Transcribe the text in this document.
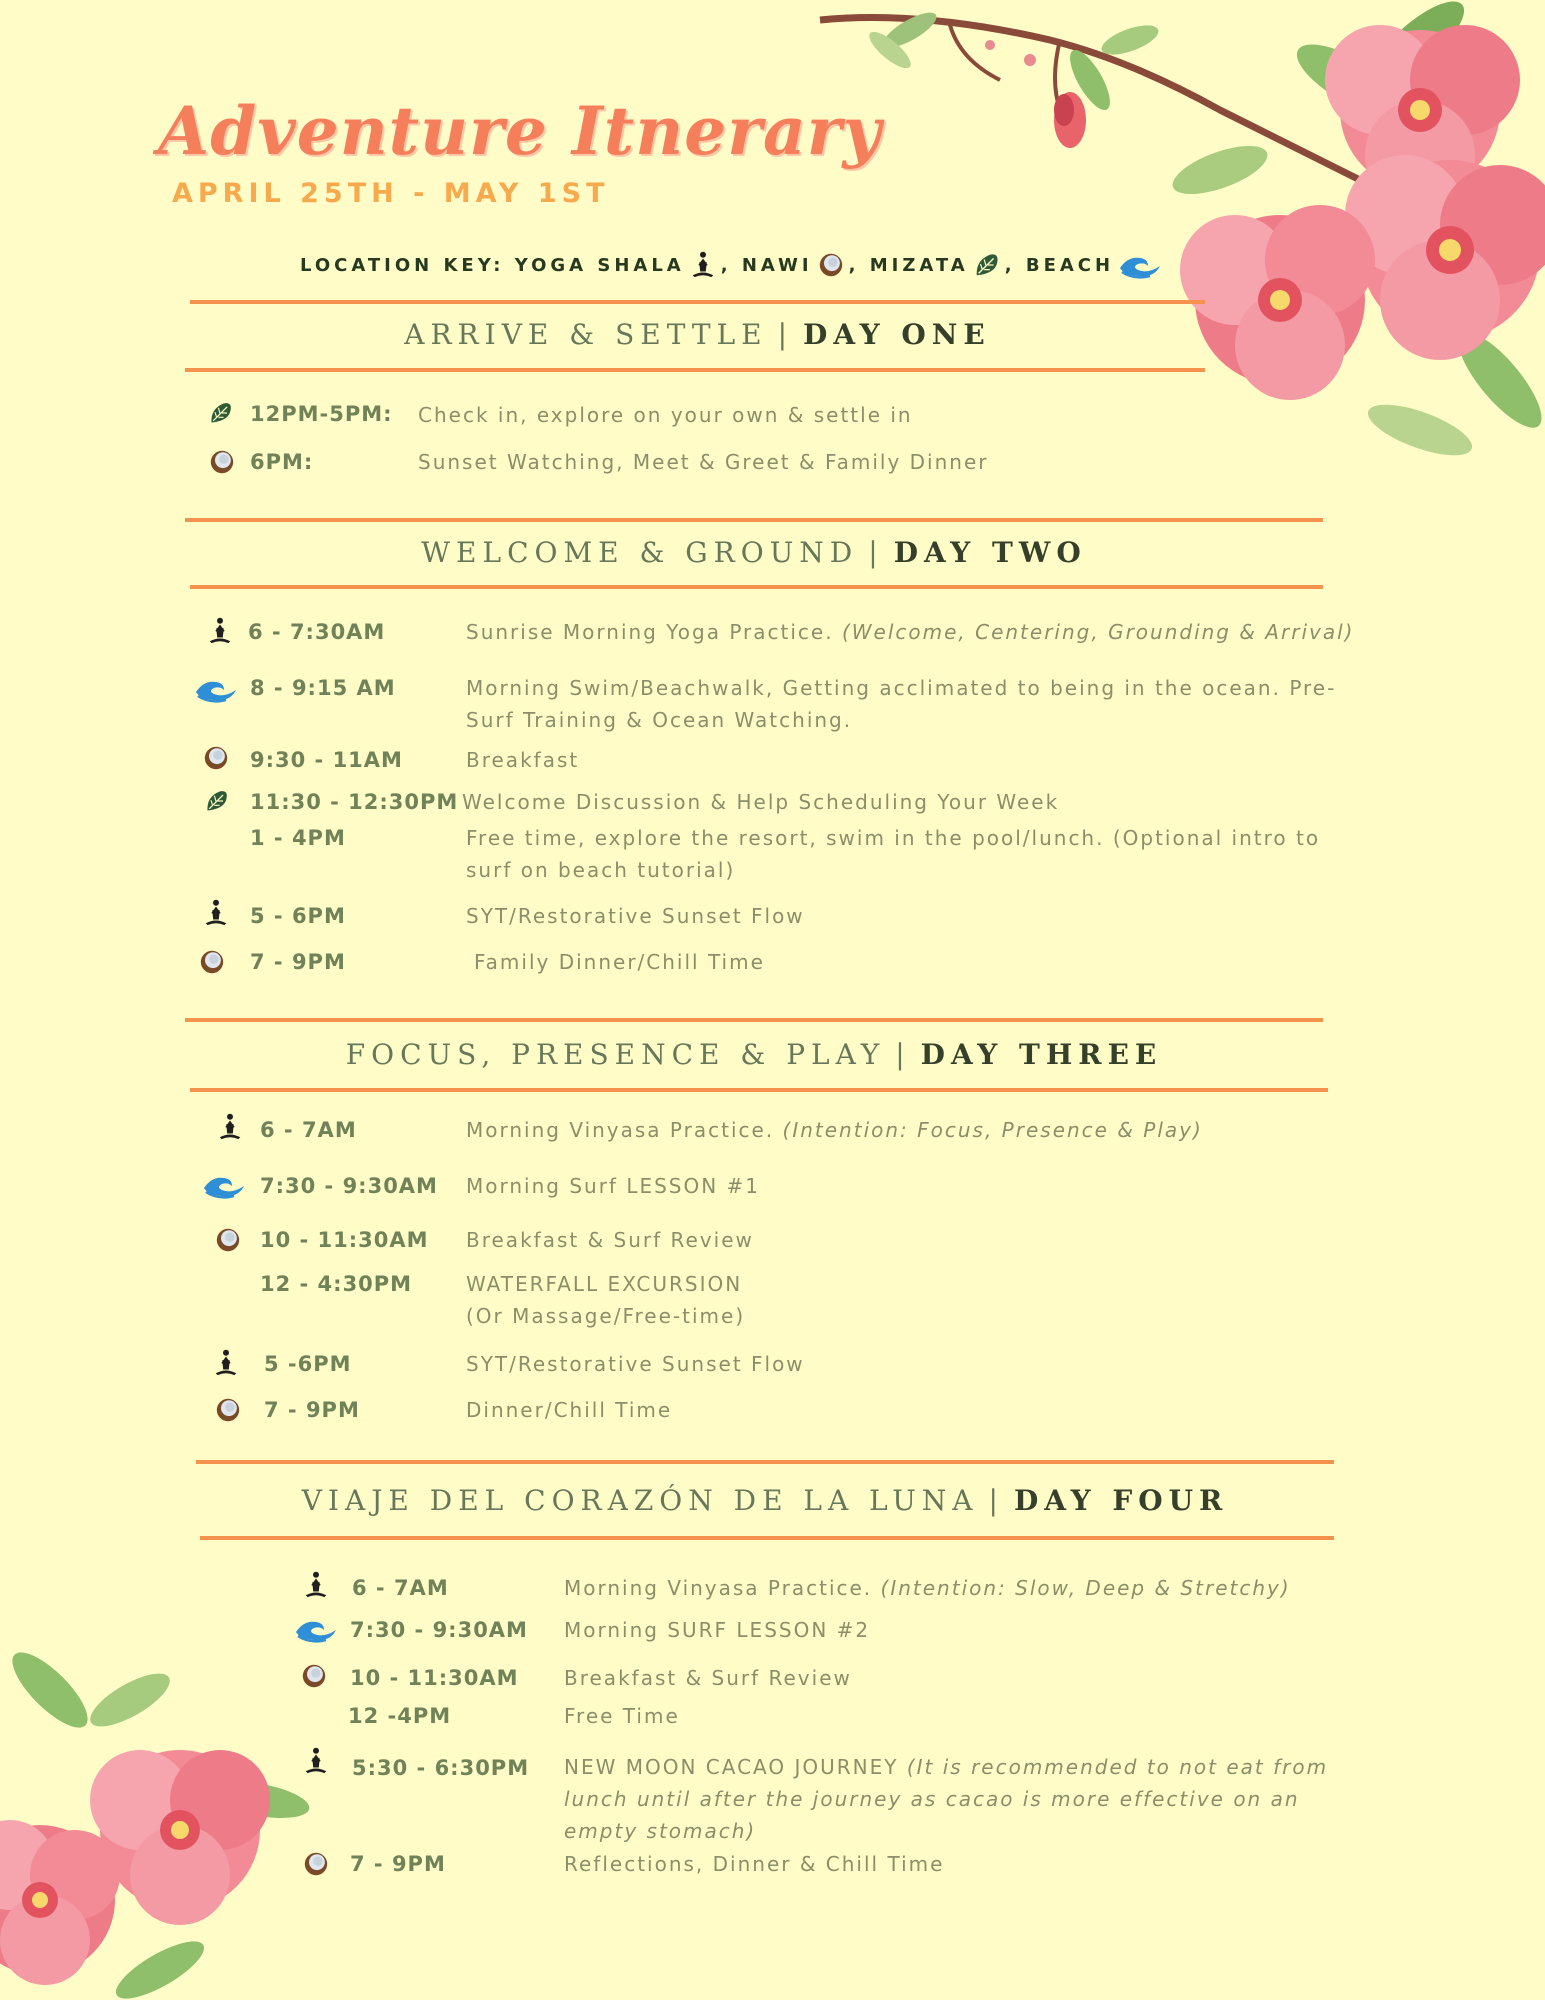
Adventure Itnerary
APRIL 25TH - MAY 1ST
LOCATION KEY:
YOGA SHALA ,
NAWI ,
MIZATA ,
BEACH
ARRIVE & SETTLE | DAY ONE
12PM-5PM: Check in, explore on your own & settle in
6PM:	Sunset Watching, Meet & Greet & Family Dinner
WELCOME & GROUND | DAY TWO
6 - 7:30AM	Sunrise Morning Yoga Practice. (Welcome, Centering, Grounding & Arrival)
8 - 9:15 AM	Morning Swim/Beachwalk, Getting acclimated to being in the ocean. Pre-Surf Training & Ocean Watching.
9:30 - 11AM	Breakfast
11:30 - 12:30PM Welcome Discussion & Help Scheduling Your Week
1 - 4PM	Free time, explore the resort, swim in the pool/lunch. (Optional intro to surf on beach tutorial)
5 - 6PM	SYT/Restorative Sunset Flow
7 - 9PM	Family Dinner/Chill Time
FOCUS, PRESENCE & PLAY | DAY THREE
6 - 7AM	Morning Vinyasa Practice. (Intention: Focus, Presence & Play)
7:30 - 9:30AM Morning Surf LESSON #1
10 - 11:30AM Breakfast & Surf Review
12 - 4:30PM	WATERFALL EXCURSION
(Or Massage/Free-time)
5 -6PM	SYT/Restorative Sunset Flow
7 - 9PM	Dinner/Chill Time
VIAJE DEL CORAZÓN DE LA LUNA | DAY FOUR
6 - 7AM	Morning Vinyasa Practice. (Intention: Slow, Deep & Stretchy)
7:30 - 9:30AM Morning SURF LESSON #2
10 - 11:30AM Breakfast & Surf Review
12 -4PM	Free Time
5:30 - 6:30PM NEW MOON CACAO JOURNEY (It is recommended to not eat from lunch until after the journey as cacao is more effective on an empty stomach)
7 - 9PM	Reflections, Dinner & Chill Time
